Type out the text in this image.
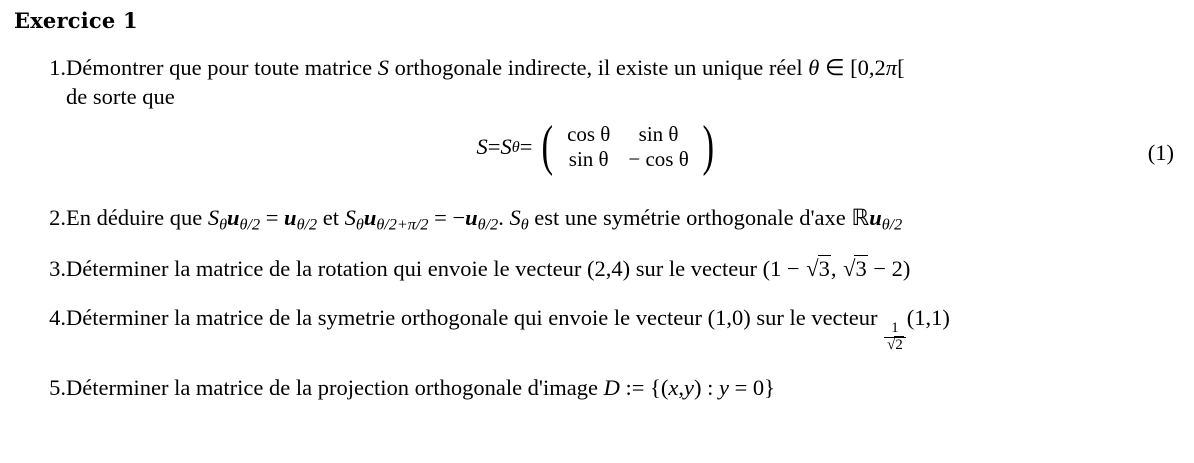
Exercice 1
1. Démontrer que pour toute matrice S orthogonale indirecte, il existe un unique réel θ ∈ [0,2π[
de sorte que
S = S θ = ( cos θ	sin θ
sin θ	− cos θ )	(1)
2. En déduire que $S_\theta u_{\theta/2} = u_{\theta/2}$ et $S_\theta u_{\theta/2+\pi/2} = -u_{\theta/2}$. $S_\theta$ est une symétrie orthogonale d'axe ℝu$_{\theta/2}$
3. Déterminer la matrice de la rotation qui envoie le vecteur (2,4) sur le vecteur (1 − √3, √3 − 2)
4. Déterminer la matrice de la symetrie orthogonale qui envoie le vecteur (1,0) sur le vecteur
$\frac{1}{√2}$
(1,1)
5. Déterminer la matrice de la projection orthogonale d'image D := {(x,y) : y = 0}
